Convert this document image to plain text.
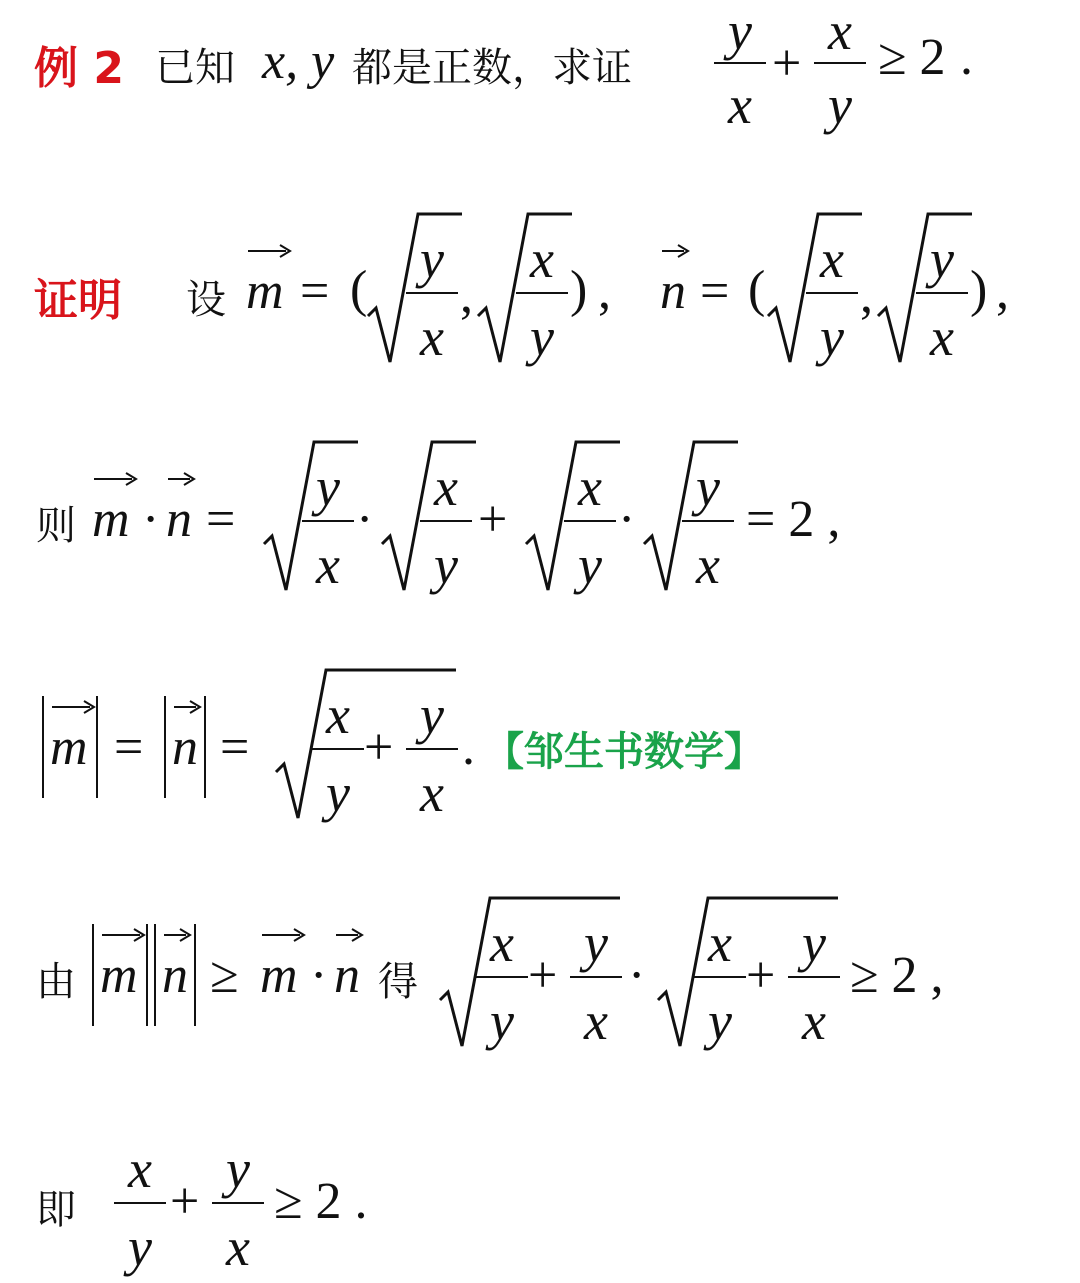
例 2 已知 x, y 都是正数，求证
y
x
+
x
y
≥ 2 .
证明 设 m = (
y
x
,
x
y
) , n = (
x
y
,
y
x
) ,
则 m · n =
y
x
·
x
y
+
x
y
·
y
x
= 2 ,
m = n =
x
y
+
y
x
. 【邹生书数学】
由 m n ≥ m · n 得
x
y
+
y
x
·
x
y
+
y
x
≥ 2 ,
即
x
y
+
y
x
≥ 2 .
